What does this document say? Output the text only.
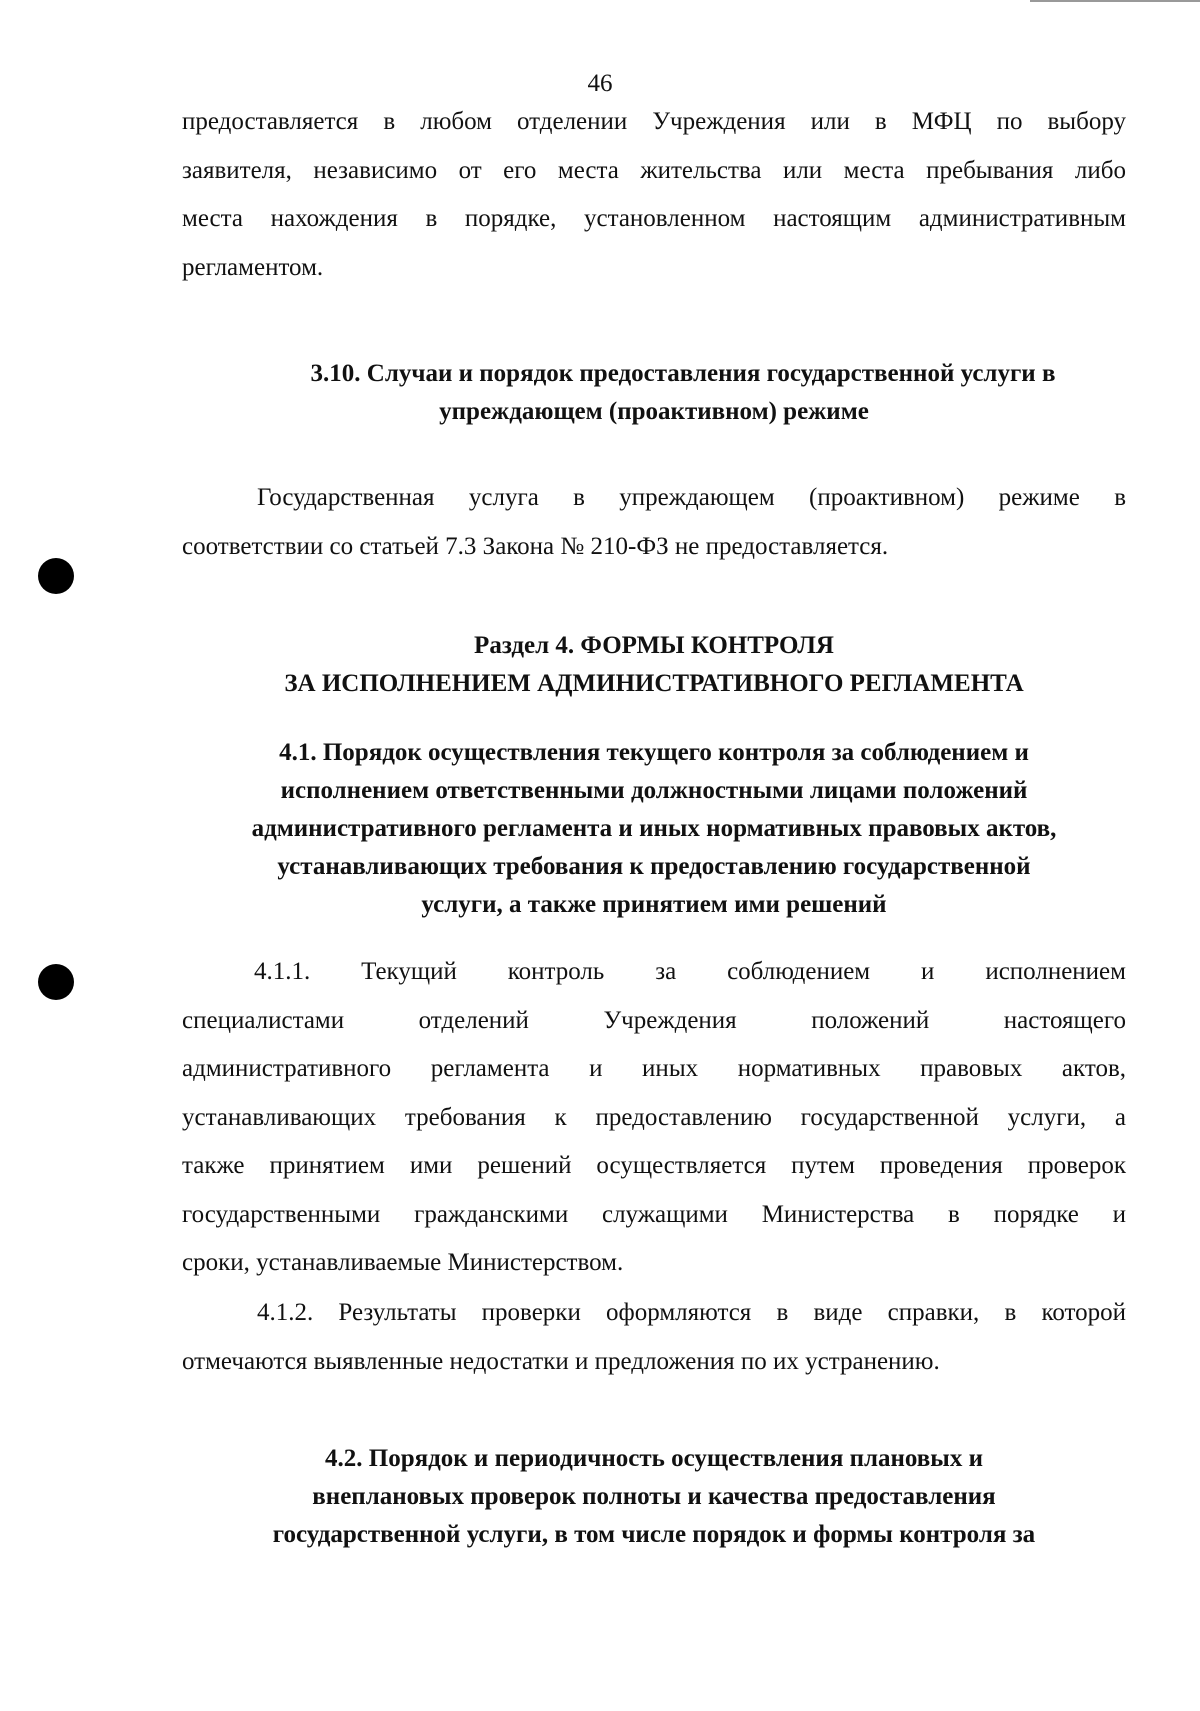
46
предоставляется в любом отделении Учреждения или в МФЦ по выбору
заявителя, независимо от его места жительства или места пребывания либо
места нахождения в порядке, установленном настоящим административным
регламентом.
3.10. Случаи и порядок предоставления государственной услуги в
упреждающем (проактивном) режиме
Государственная услуга в упреждающем (проактивном) режиме в
соответствии со статьей 7.3 Закона № 210-ФЗ не предоставляется.
Раздел 4. ФОРМЫ КОНТРОЛЯ
ЗА ИСПОЛНЕНИЕМ АДМИНИСТРАТИВНОГО РЕГЛАМЕНТА
4.1. Порядок осуществления текущего контроля за соблюдением и
исполнением ответственными должностными лицами положений
административного регламента и иных нормативных правовых актов,
устанавливающих требования к предоставлению государственной
услуги, а также принятием ими решений
4.1.1. Текущий контроль за соблюдением и исполнением
специалистами	отделений	Учреждения	положений	настоящего
административного регламента и иных нормативных правовых актов,
устанавливающих требования к предоставлению государственной услуги, а
также принятием ими решений осуществляется путем проведения проверок
государственными гражданскими служащими Министерства в порядке и
сроки, устанавливаемые Министерством.
4.1.2. Результаты проверки оформляются в виде справки, в которой
отмечаются выявленные недостатки и предложения по их устранению.
4.2. Порядок и периодичность осуществления плановых и
внеплановых проверок полноты и качества предоставления
государственной услуги, в том числе порядок и формы контроля за
